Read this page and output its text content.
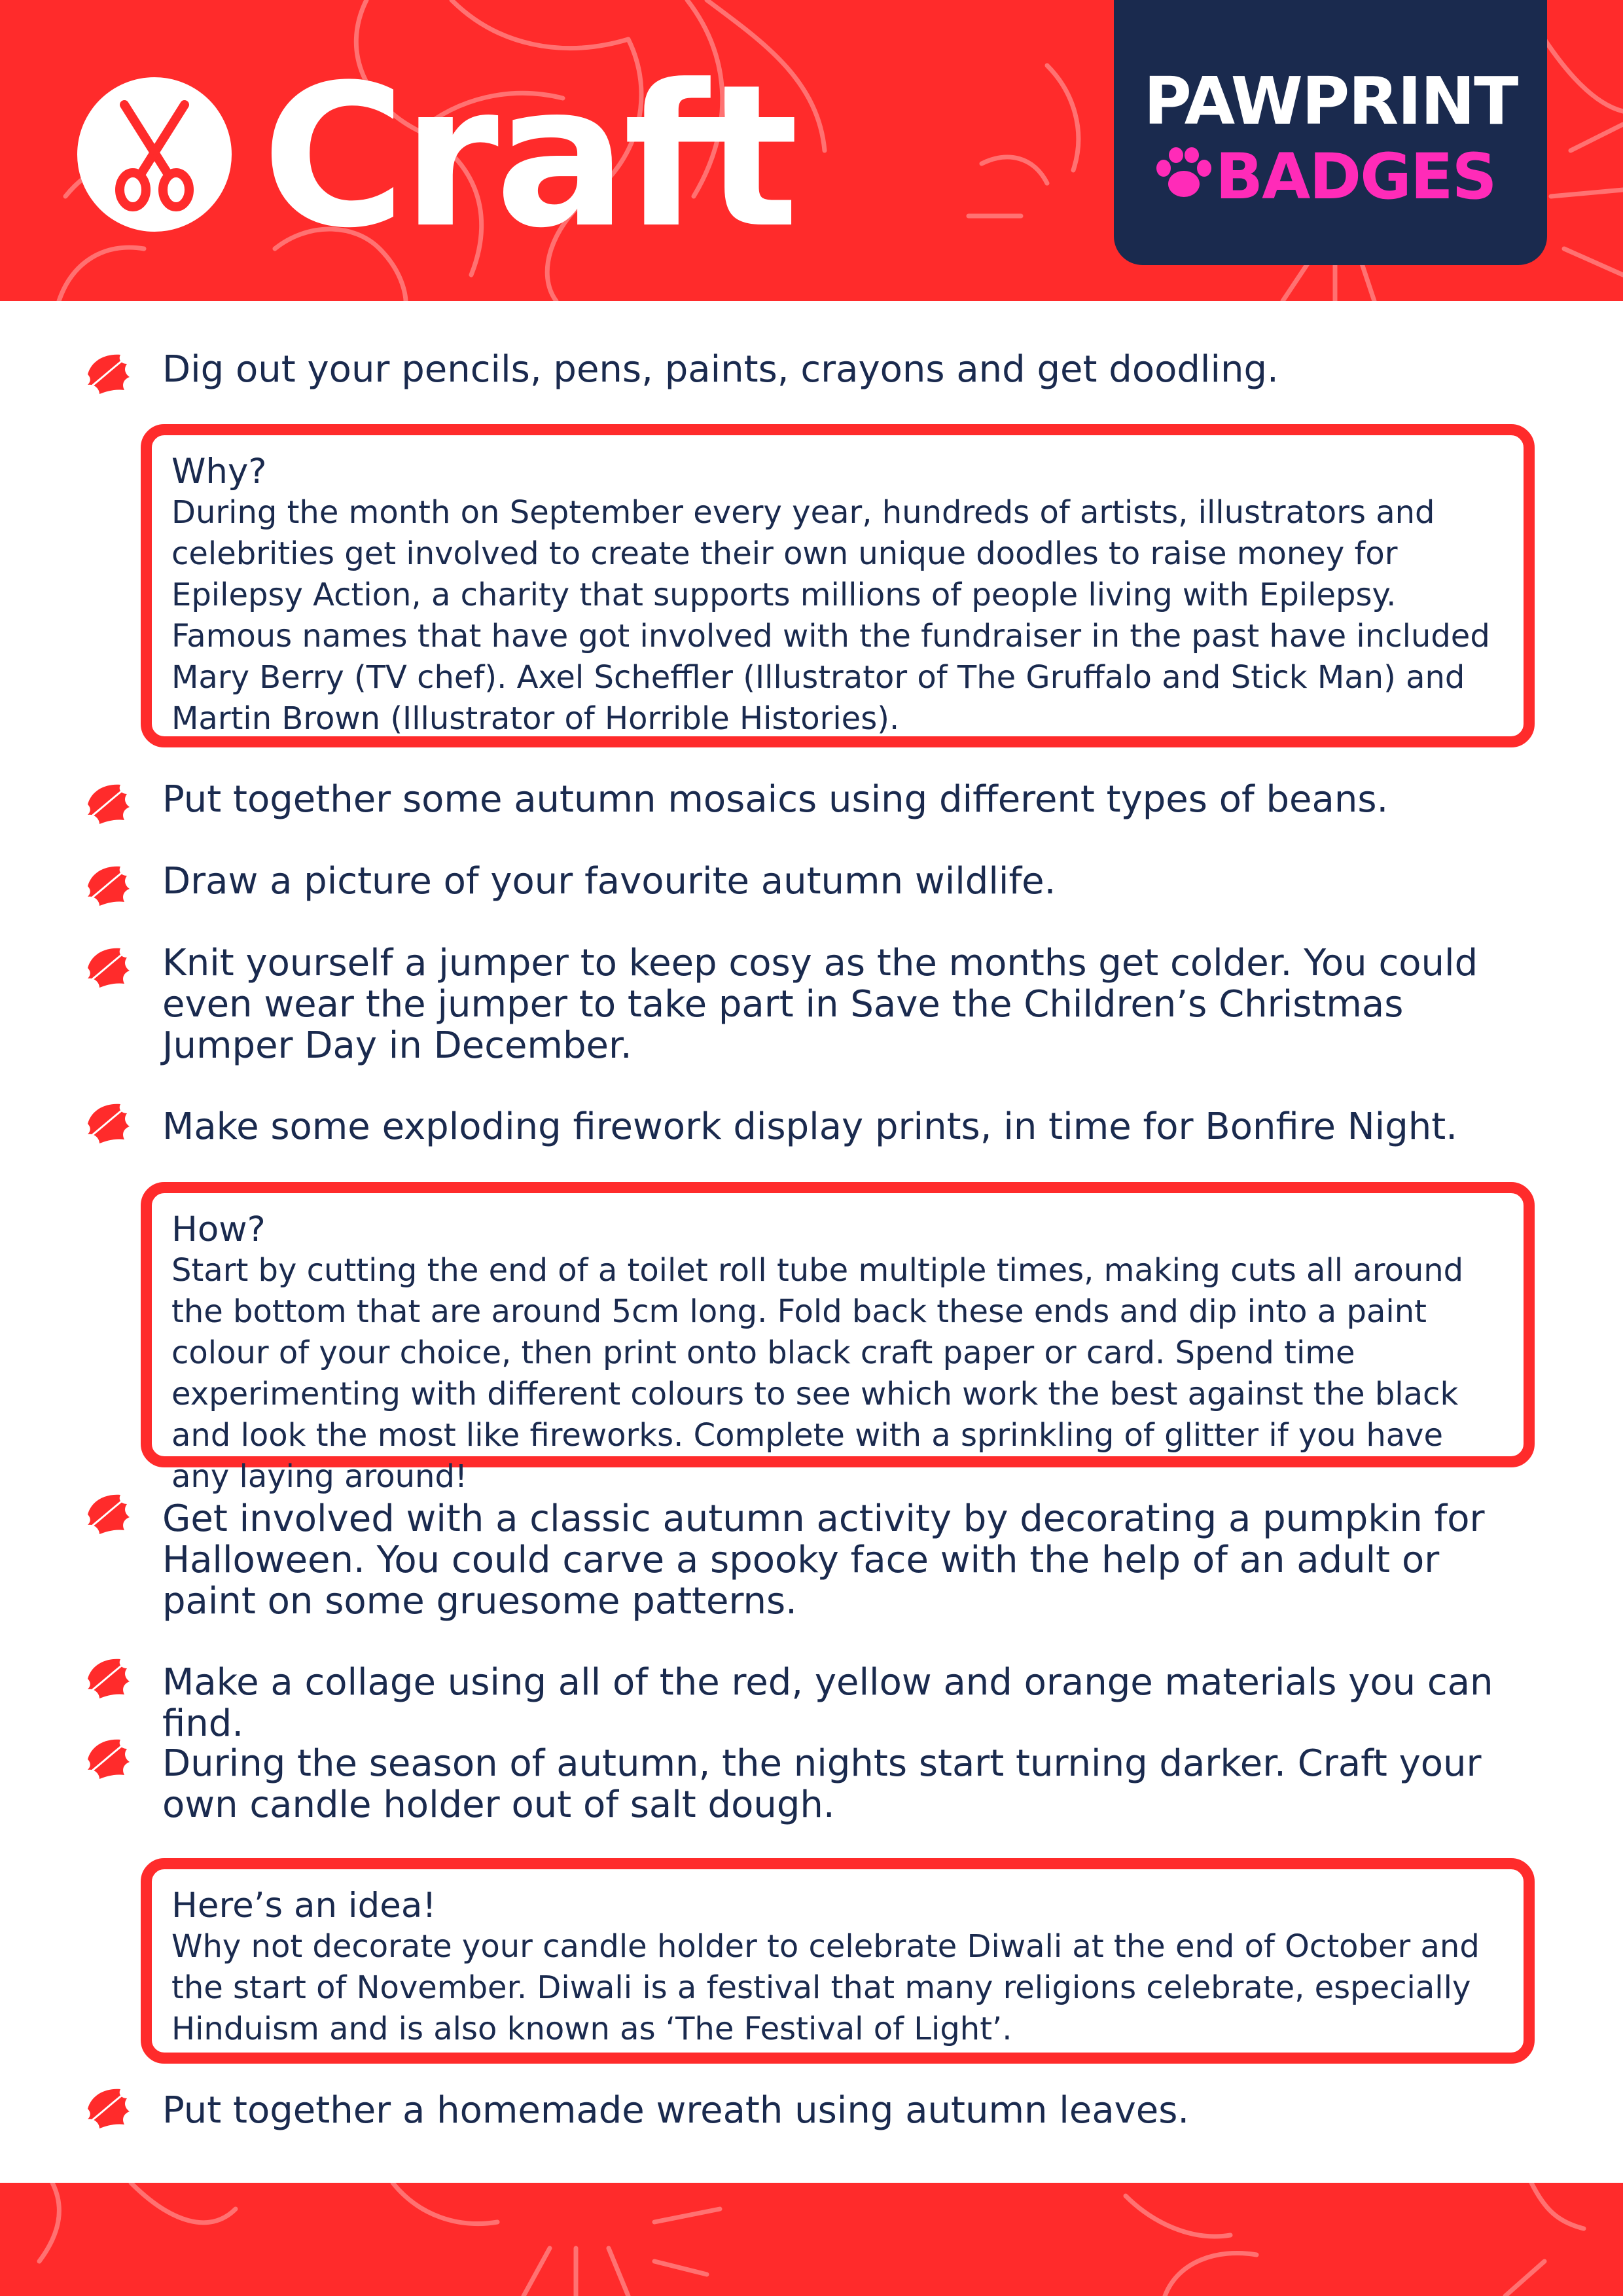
Craft	PAWPRINT
BADGES
Dig out your pencils, pens, paints, crayons and get doodling.
Why?
During the month on September every year, hundreds of artists, illustrators and celebrities get involved to create their own unique doodles to raise money for Epilepsy Action, a charity that supports millions of people living with Epilepsy. Famous names that have got involved with the fundraiser in the past have included Mary Berry (TV chef). Axel Scheffler (Illustrator of The Gruffalo and Stick Man) and Martin Brown (Illustrator of Horrible Histories).
Put together some autumn mosaics using different types of beans.
Draw a picture of your favourite autumn wildlife.
Knit yourself a jumper to keep cosy as the months get colder. You could even wear the jumper to take part in Save the Children’s Christmas Jumper Day in December.
Make some exploding firework display prints, in time for Bonfire Night.
How?
Start by cutting the end of a toilet roll tube multiple times, making cuts all around the bottom that are around 5cm long. Fold back these ends and dip into a paint colour of your choice, then print onto black craft paper or card. Spend time experimenting with different colours to see which work the best against the black and look the most like fireworks. Complete with a sprinkling of glitter if you have any laying around!
Get involved with a classic autumn activity by decorating a pumpkin for Halloween. You could carve a spooky face with the help of an adult or paint on some gruesome patterns.
Make a collage using all of the red, yellow and orange materials you can find.
During the season of autumn, the nights start turning darker. Craft your own candle holder out of salt dough.
Here’s an idea!
Why not decorate your candle holder to celebrate Diwali at the end of October and the start of November. Diwali is a festival that many religions celebrate, especially Hinduism and is also known as ‘The Festival of Light’.
Put together a homemade wreath using autumn leaves.
